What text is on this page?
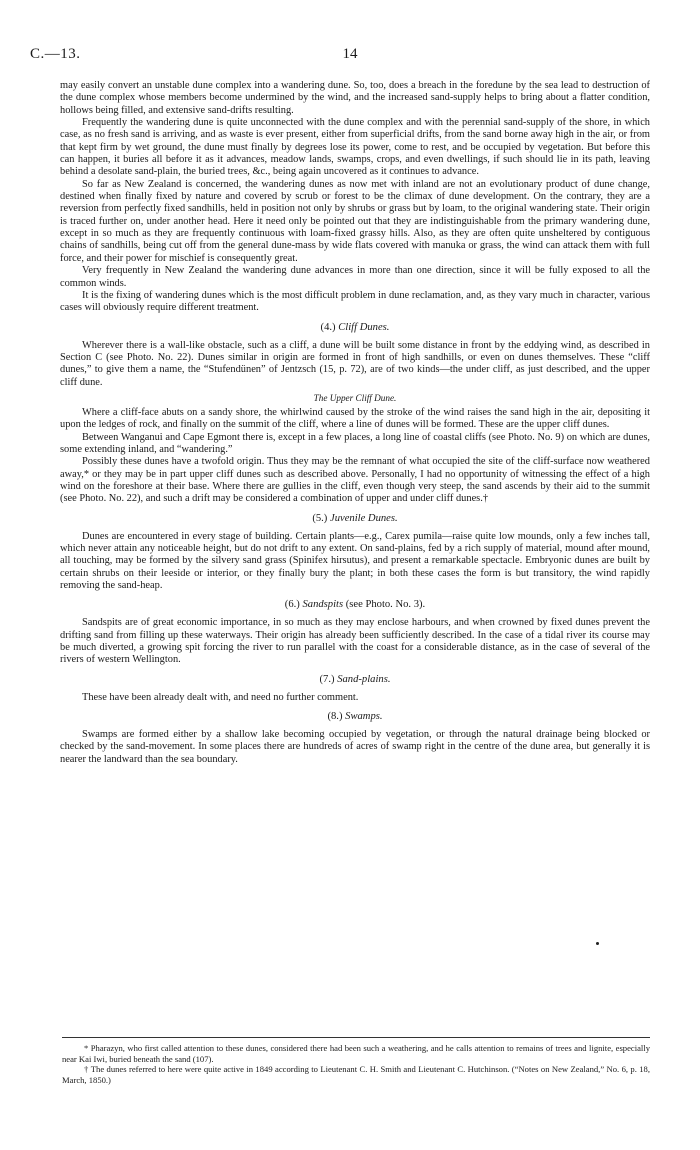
C.—13.	14

may easily convert an unstable dune complex into a wandering dune. So, too, does a breach in the foredune by the sea lead to destruction of the dune complex whose members become undermined by the wind, and the increased sand-supply helps to bring about a flatter condition, hollows being filled, and extensive sand-drifts resulting.

Frequently the wandering dune is quite unconnected with the dune complex and with the perennial sand-supply of the shore, in which case, as no fresh sand is arriving, and as waste is ever present, either from superficial drifts, from the sand borne away high in the air, or from that kept firm by wet ground, the dune must finally by degrees lose its power, come to rest, and be occupied by vegetation. But before this can happen, it buries all before it as it advances, meadow lands, swamps, crops, and even dwellings, if such should lie in its path, leaving behind a desolate sand-plain, the buried trees, &c., being again uncovered as it continues to advance.

So far as New Zealand is concerned, the wandering dunes as now met with inland are not an evolutionary product of dune change, destined when finally fixed by nature and covered by scrub or forest to be the climax of dune development. On the contrary, they are a reversion from perfectly fixed sandhills, held in position not only by shrubs or grass but by loam, to the original wandering state. Their origin is traced further on, under another head. Here it need only be pointed out that they are indistinguishable from the primary wandering dune, except in so much as they are frequently continuous with loam-fixed grassy hills. Also, as they are often quite unsheltered by contiguous chains of sandhills, being cut off from the general dune-mass by wide flats covered with manuka or grass, the wind can attack them with full force, and their power for mischief is consequently great.

Very frequently in New Zealand the wandering dune advances in more than one direction, since it will be fully exposed to all the common winds.

It is the fixing of wandering dunes which is the most difficult problem in dune reclamation, and, as they vary much in character, various cases will obviously require different treatment.

(4.) Cliff Dunes.

Wherever there is a wall-like obstacle, such as a cliff, a dune will be built some distance in front by the eddying wind, as described in Section C (see Photo. No. 22). Dunes similar in origin are formed in front of high sandhills, or even on dunes themselves. These “cliff dunes,” to give them a name, the “Stufendünen” of Jentzsch (15, p. 72), are of two kinds—the under cliff, as just described, and the upper cliff dune.

The Upper Cliff Dune.

Where a cliff-face abuts on a sandy shore, the whirlwind caused by the stroke of the wind raises the sand high in the air, depositing it upon the ledges of rock, and finally on the summit of the cliff, where a line of dunes will be formed. These are the upper cliff dunes.

Between Wanganui and Cape Egmont there is, except in a few places, a long line of coastal cliffs (see Photo. No. 9) on which are dunes, some extending inland, and “wandering.”

Possibly these dunes have a twofold origin. Thus they may be the remnant of what occupied the site of the cliff-surface now weathered away,* or they may be in part upper cliff dunes such as described above. Personally, I had no opportunity of witnessing the effect of a high wind on the foreshore at their base. Where there are gullies in the cliff, even though very steep, the sand ascends by their aid to the summit (see Photo. No. 22), and such a drift may be considered a combination of upper and under cliff dunes.†

(5.) Juvenile Dunes.

Dunes are encountered in every stage of building. Certain plants—e.g., Carex pumila—raise quite low mounds, only a few inches tall, which never attain any noticeable height, but do not drift to any extent. On sand-plains, fed by a rich supply of material, mound after mound, all touching, may be formed by the silvery sand grass (Spinifex hirsutus), and present a remarkable spectacle. Embryonic dunes are built by certain shrubs on their leeside or interior, or they finally bury the plant; in both these cases the form is but transitory, the wind rapidly removing the sand-heap.

(6.) Sandspits (see Photo. No. 3).

Sandspits are of great economic importance, in so much as they may enclose harbours, and when crowned by fixed dunes prevent the drifting sand from filling up these waterways. Their origin has already been sufficiently described. In the case of a tidal river its course may be much diverted, a growing spit forcing the river to run parallel with the coast for a considerable distance, as in the case of several of the rivers of western Wellington.

(7.) Sand-plains.

These have been already dealt with, and need no further comment.

(8.) Swamps.

Swamps are formed either by a shallow lake becoming occupied by vegetation, or through the natural drainage being blocked or checked by the sand-movement. In some places there are hundreds of acres of swamp right in the centre of the dune area, but generally it is nearer the landward than the sea boundary.

* Pharazyn, who first called attention to these dunes, considered there had been such a weathering, and he calls attention to remains of trees and lignite, especially near Kai Iwi, buried beneath the sand (107).

† The dunes referred to here were quite active in 1849 according to Lieutenant C. H. Smith and Lieutenant C. Hutchinson. (“Notes on New Zealand,” No. 6, p. 18, March, 1850.)
